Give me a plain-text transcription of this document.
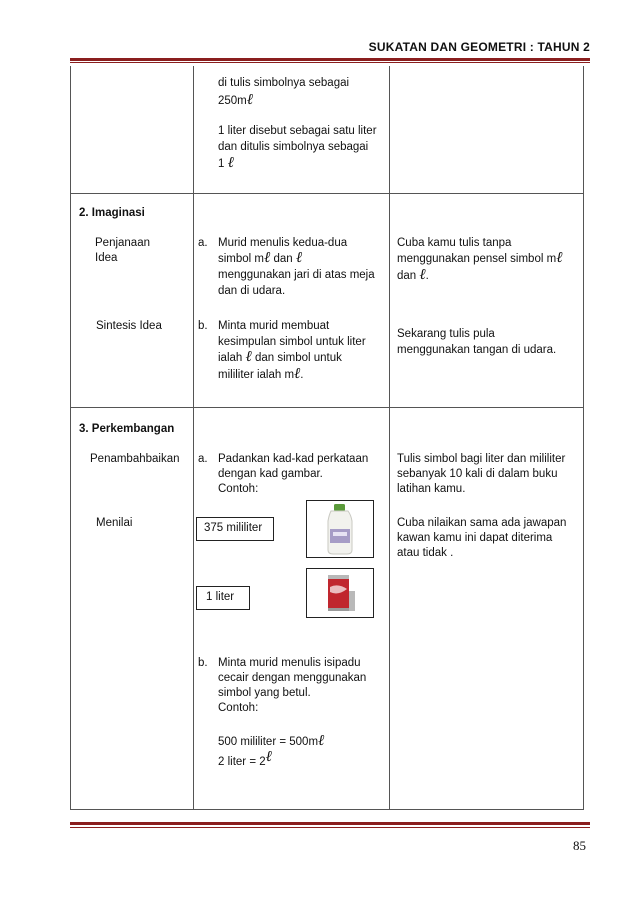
SUKATAN DAN GEOMETRI : TAHUN 2
di tulis simbolnya sebagai
250mℓ
1 liter disebut sebagai satu liter
dan ditulis simbolnya sebagai
1 ℓ
2. Imaginasi
Penjanaan
Idea
Sintesis Idea
a. Murid menulis kedua-dua
simbol mℓ dan ℓ
menggunakan jari di atas meja
dan di udara.
b. Minta murid membuat
kesimpulan simbol untuk liter
ialah ℓ dan simbol untuk
mililiter ialah mℓ.
Cuba kamu tulis tanpa
menggunakan pensel simbol mℓ
dan ℓ.
Sekarang tulis pula
menggunakan tangan di udara.
3. Perkembangan
Penambahbaikan
Menilai
a. Padankan kad-kad perkataan
dengan kad gambar.
Contoh:
375 mililiter
1 liter
b. Minta murid menulis isipadu
cecair dengan menggunakan
simbol yang betul.
Contoh:
500 mililiter = 500mℓ
2 liter = 2ℓ
Tulis simbol bagi liter dan mililiter
sebanyak 10 kali di dalam buku
latihan kamu.
Cuba nilaikan sama ada jawapan
kawan kamu ini dapat diterima
atau tidak .
85
